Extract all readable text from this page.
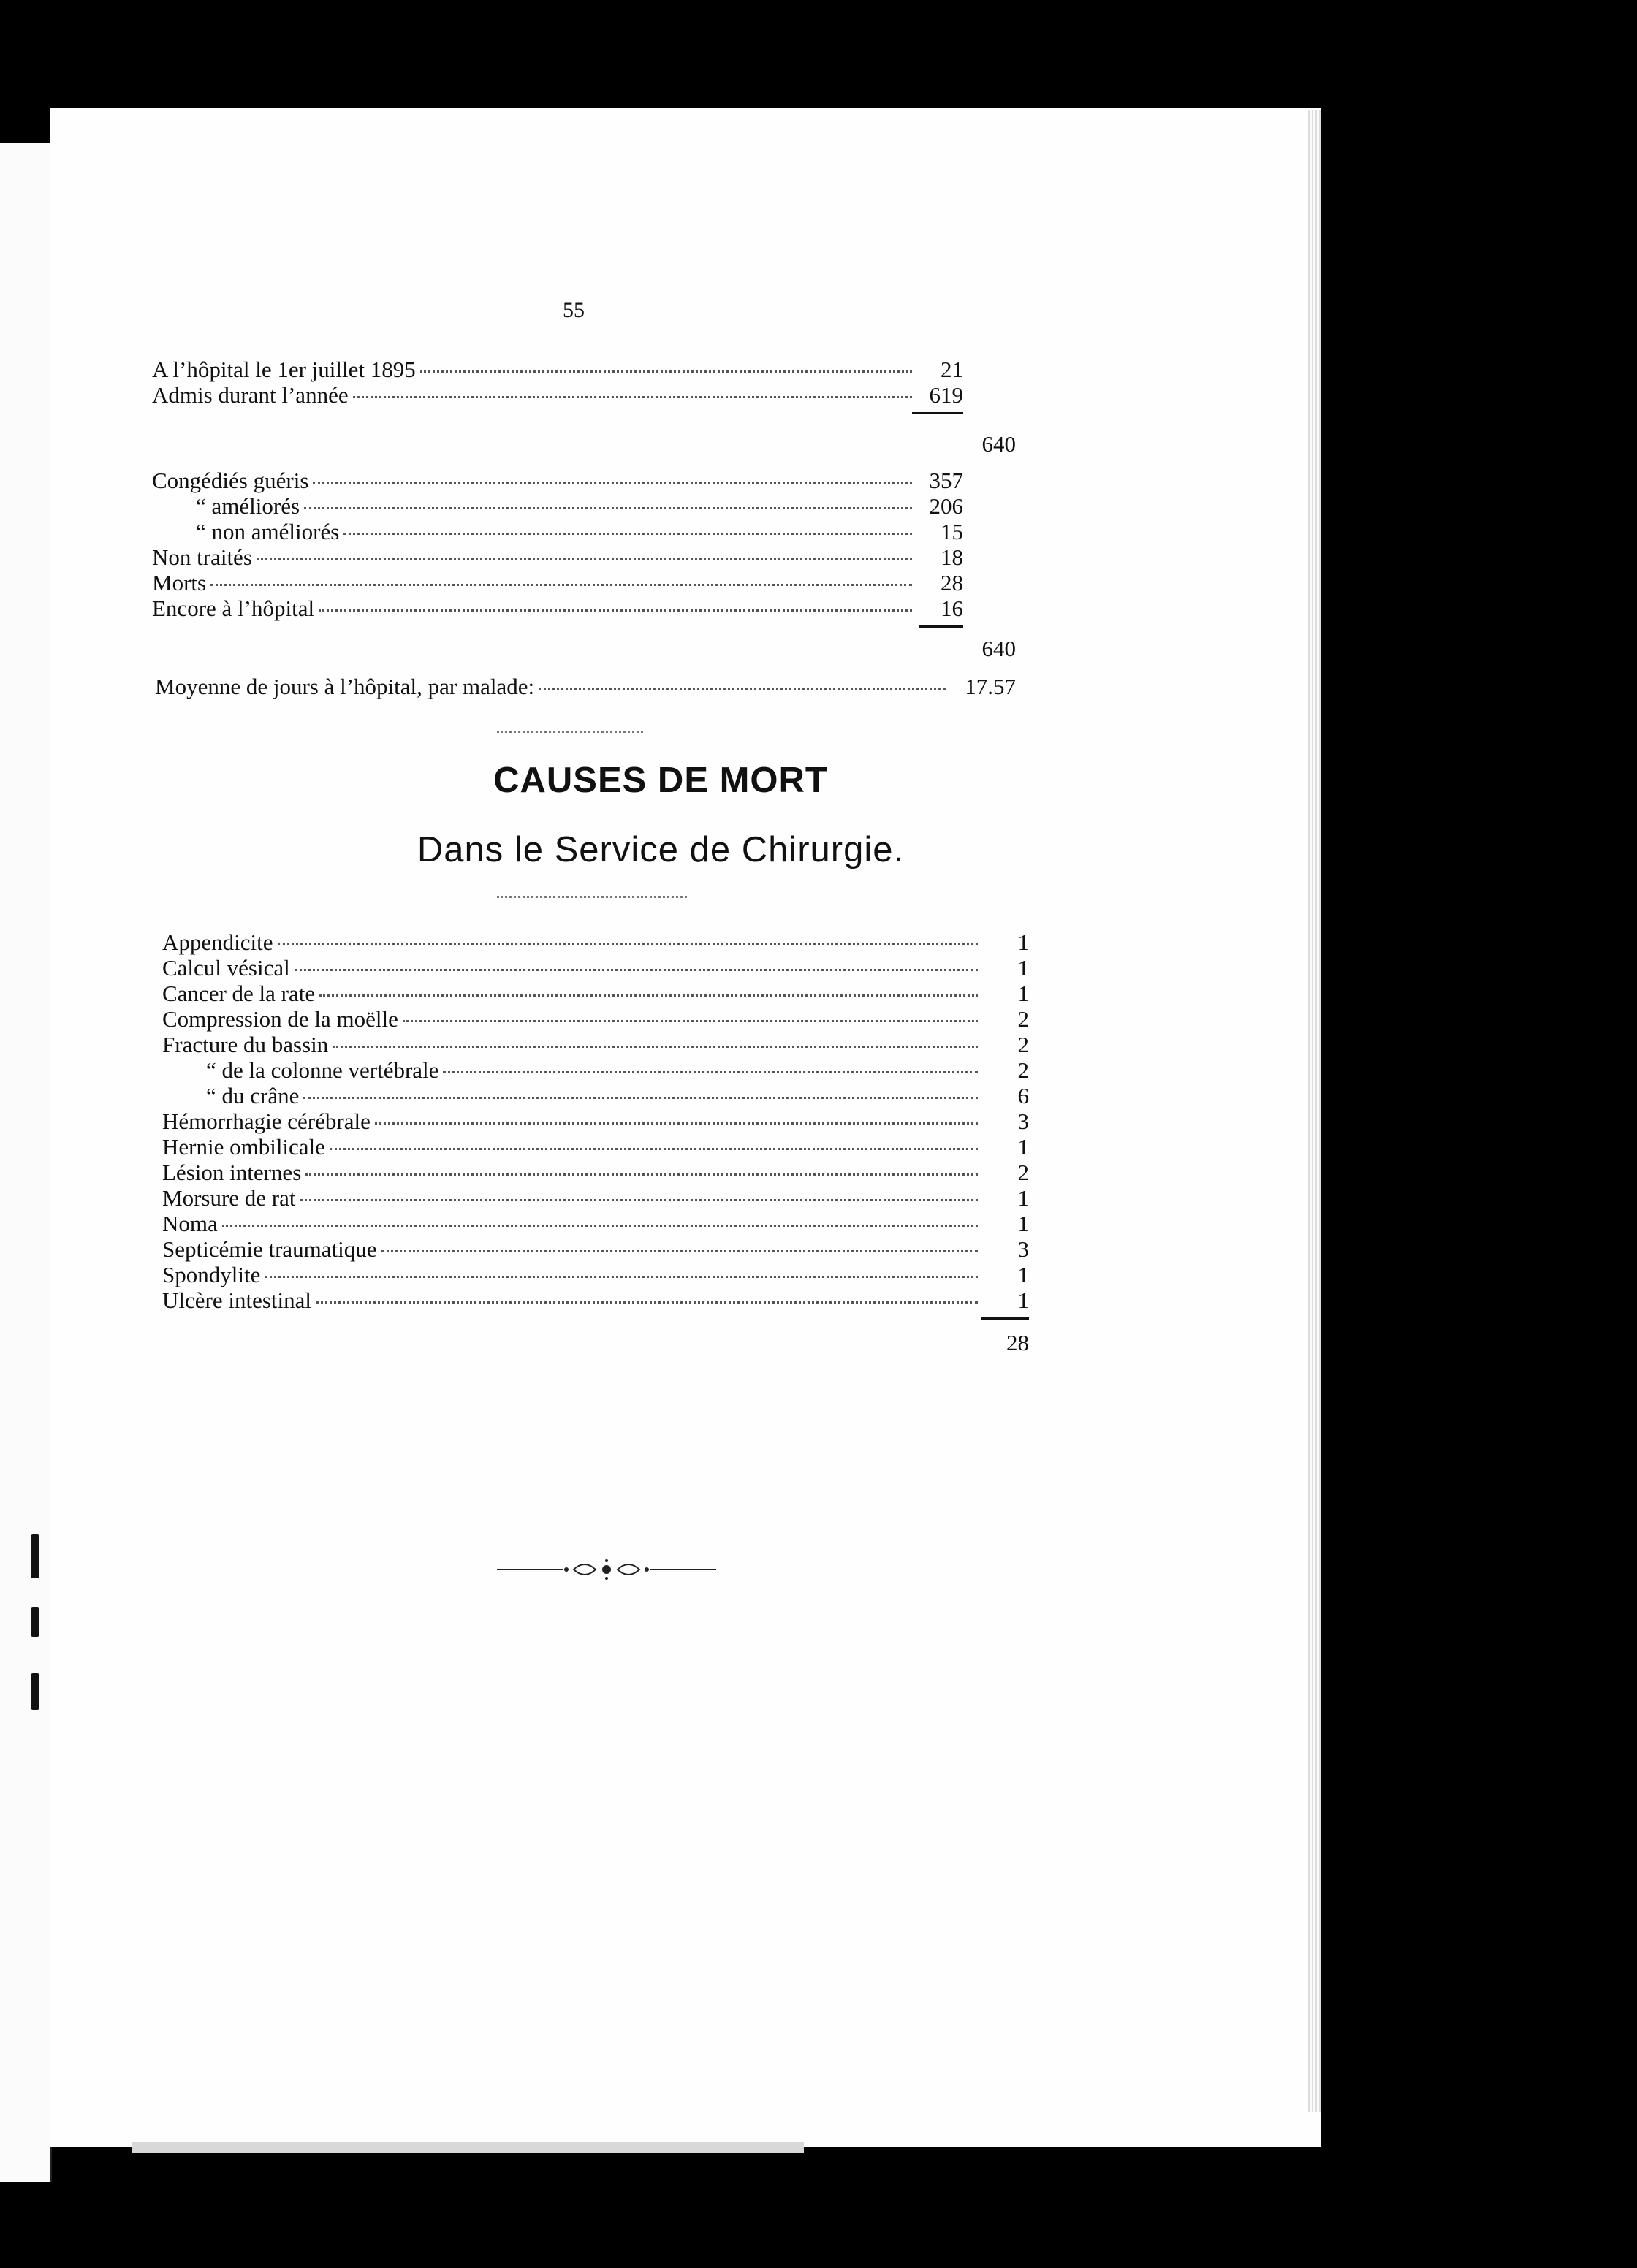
55
A l’hôpital le 1er juillet 1895	21
Admis durant l’année	619
640
Congédiés guéris	357
“ améliorés	206
“ non améliorés	15
Non traités	18
Morts	28
Encore à l’hôpital	16
640
Moyenne de jours à l’hôpital, par malade:	17.57
CAUSES DE MORT
Dans le Service de Chirurgie.
Appendicite	1
Calcul vésical	1
Cancer de la rate	1
Compression de la moëlle	2
Fracture du bassin	2
“ de la colonne vertébrale	2
“ du crâne	6
Hémorrhagie cérébrale	3
Hernie ombilicale	1
Lésion internes	2
Morsure de rat	1
Noma	1
Septicémie traumatique	3
Spondylite	1
Ulcère intestinal	1
28
